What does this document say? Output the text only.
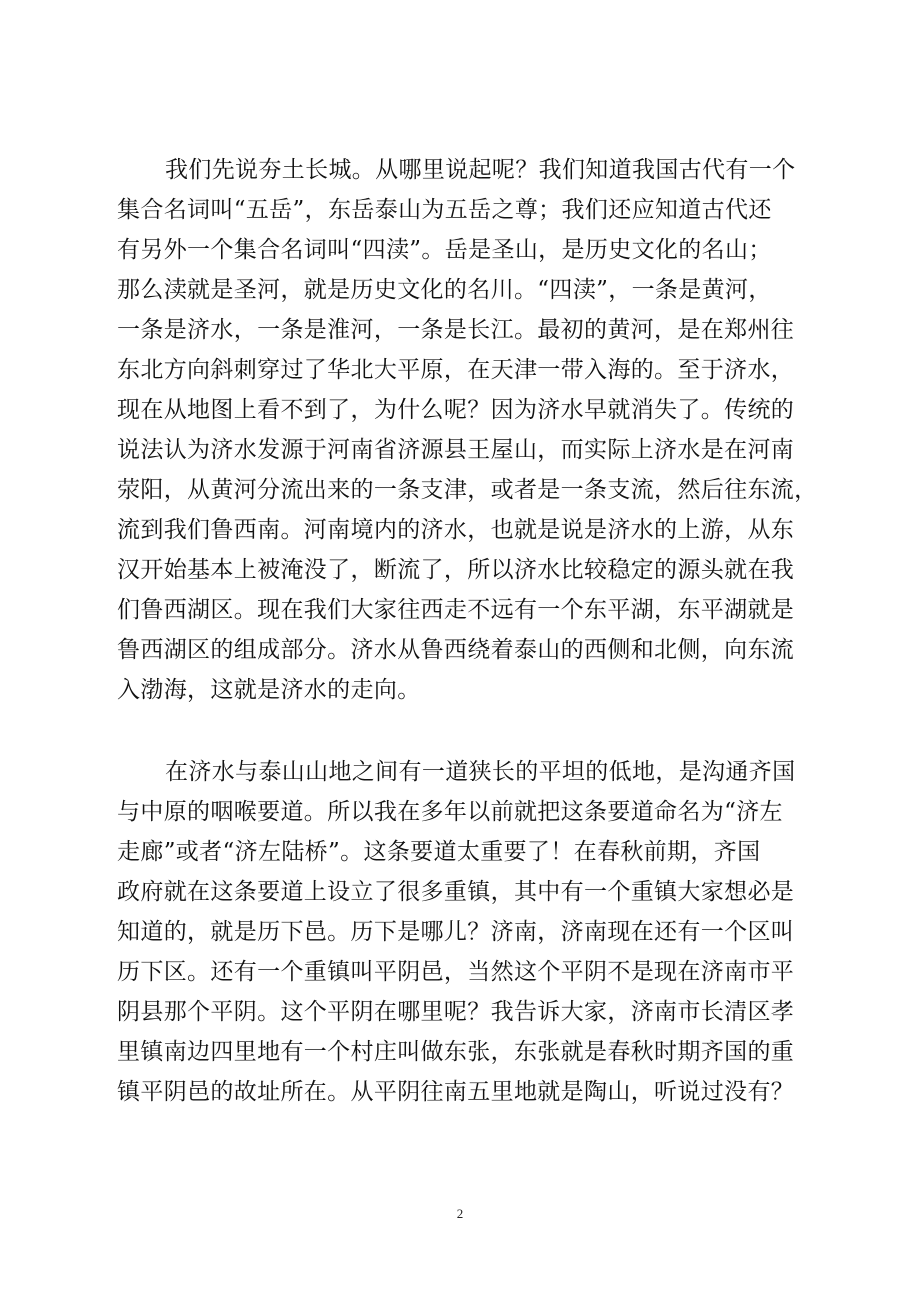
我们先说夯土长城。从哪里说起呢？我们知道我国古代有一个
集合名词叫“五岳”，东岳泰山为五岳之尊；我们还应知道古代还
有另外一个集合名词叫“四渎”。岳是圣山，是历史文化的名山；
那么渎就是圣河，就是历史文化的名川。“四渎”，一条是黄河，
一条是济水，一条是淮河，一条是长江。最初的黄河，是在郑州往
东北方向斜刺穿过了华北大平原，在天津一带入海的。至于济水，
现在从地图上看不到了，为什么呢？因为济水早就消失了。传统的
说法认为济水发源于河南省济源县王屋山，而实际上济水是在河南
荥阳，从黄河分流出来的一条支津，或者是一条支流，然后往东流，
流到我们鲁西南。河南境内的济水，也就是说是济水的上游，从东
汉开始基本上被淹没了，断流了，所以济水比较稳定的源头就在我
们鲁西湖区。现在我们大家往西走不远有一个东平湖，东平湖就是
鲁西湖区的组成部分。济水从鲁西绕着泰山的西侧和北侧，向东流
入渤海，这就是济水的走向。
在济水与泰山山地之间有一道狭长的平坦的低地，是沟通齐国
与中原的咽喉要道。所以我在多年以前就把这条要道命名为“济左
走廊”或者“济左陆桥”。这条要道太重要了！在春秋前期，齐国
政府就在这条要道上设立了很多重镇，其中有一个重镇大家想必是
知道的，就是历下邑。历下是哪儿？济南，济南现在还有一个区叫
历下区。还有一个重镇叫平阴邑，当然这个平阴不是现在济南市平
阴县那个平阴。这个平阴在哪里呢？我告诉大家，济南市长清区孝
里镇南边四里地有一个村庄叫做东张，东张就是春秋时期齐国的重
镇平阴邑的故址所在。从平阴往南五里地就是陶山，听说过没有？
2
